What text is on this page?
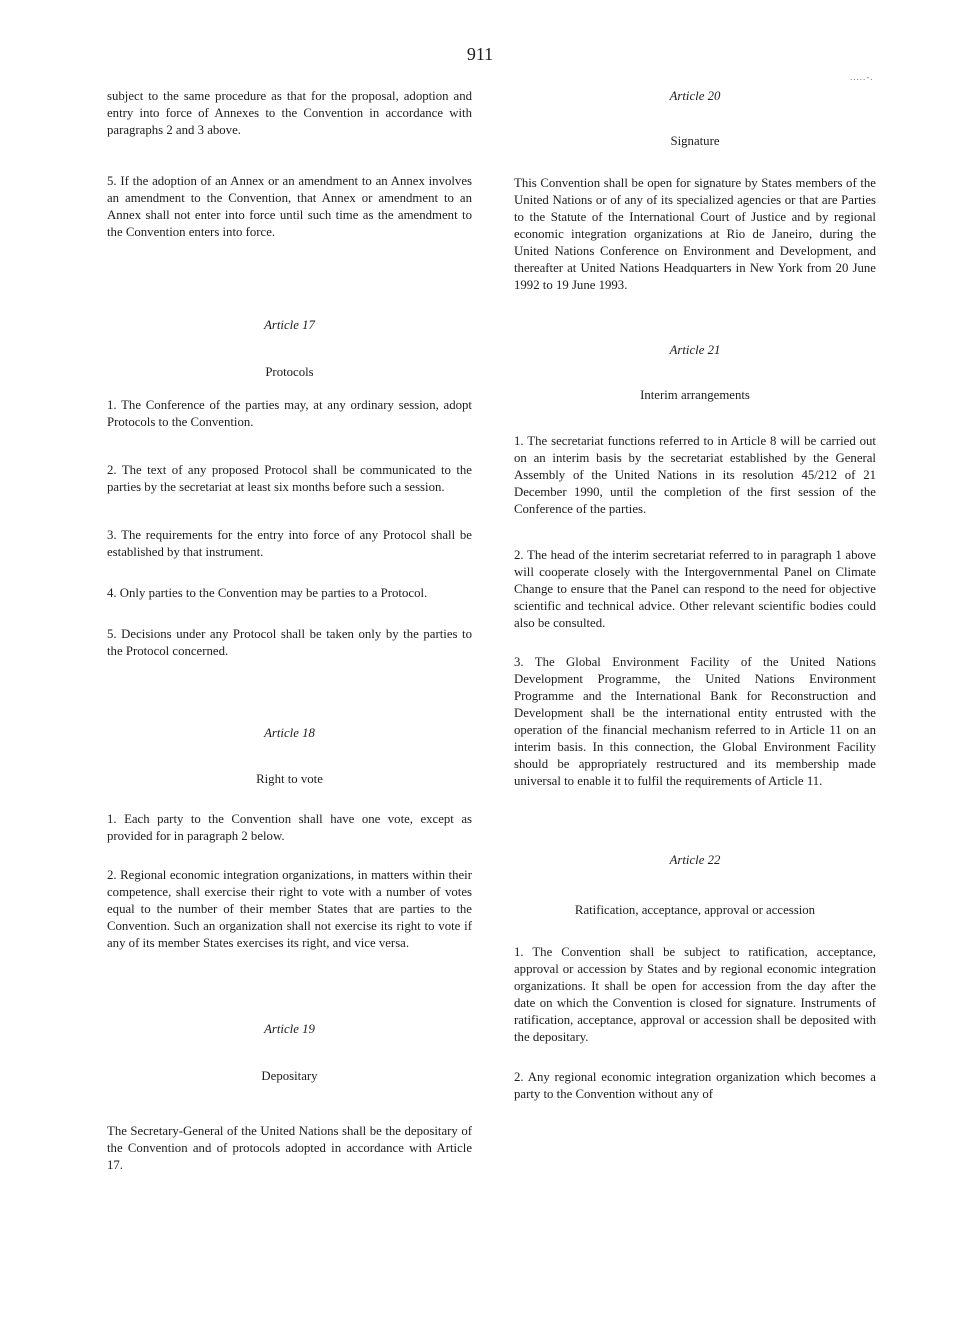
911
.....-.
subject to the same procedure as that for the proposal, adoption and entry into force of Annexes to the Convention in accordance with paragraphs 2 and 3 above.
5. If the adoption of an Annex or an amendment to an Annex involves an amendment to the Convention, that Annex or amendment to an Annex shall not enter into force until such time as the amendment to the Convention enters into force.
Article 17
Protocols
1. The Conference of the parties may, at any ordinary session, adopt Protocols to the Convention.
2. The text of any proposed Protocol shall be communicated to the parties by the secretariat at least six months before such a session.
3. The requirements for the entry into force of any Protocol shall be established by that instrument.
4. Only parties to the Convention may be parties to a Protocol.
5. Decisions under any Protocol shall be taken only by the parties to the Protocol concerned.
Article 18
Right to vote
1. Each party to the Convention shall have one vote, except as provided for in paragraph 2 below.
2. Regional economic integration organizations, in matters within their competence, shall exercise their right to vote with a number of votes equal to the number of their member States that are parties to the Convention. Such an organization shall not exercise its right to vote if any of its member States exercises its right, and vice versa.
Article 19
Depositary
The Secretary-General of the United Nations shall be the depositary of the Convention and of protocols adopted in accordance with Article 17.
Article 20
Signature
This Convention shall be open for signature by States members of the United Nations or of any of its specialized agencies or that are Parties to the Statute of the International Court of Justice and by regional economic integration organizations at Rio de Janeiro, during the United Nations Conference on Environment and Development, and thereafter at United Nations Headquarters in New York from 20 June 1992 to 19 June 1993.
Article 21
Interim arrangements
1. The secretariat functions referred to in Article 8 will be carried out on an interim basis by the secretariat established by the General Assembly of the United Nations in its resolution 45/212 of 21 December 1990, until the completion of the first session of the Conference of the parties.
2. The head of the interim secretariat referred to in paragraph 1 above will cooperate closely with the Intergovernmental Panel on Climate Change to ensure that the Panel can respond to the need for objective scientific and technical advice. Other relevant scientific bodies could also be consulted.
3. The Global Environment Facility of the United Nations Development Programme, the United Nations Environment Programme and the International Bank for Reconstruction and Development shall be the international entity entrusted with the operation of the financial mechanism referred to in Article 11 on an interim basis. In this connection, the Global Environment Facility should be appropriately restructured and its membership made universal to enable it to fulfil the requirements of Article 11.
Article 22
Ratification, acceptance, approval or accession
1. The Convention shall be subject to ratification, acceptance, approval or accession by States and by regional economic integration organizations. It shall be open for accession from the day after the date on which the Convention is closed for signature. Instruments of ratification, acceptance, approval or accession shall be deposited with the depositary.
2. Any regional economic integration organization which becomes a party to the Convention without any of
